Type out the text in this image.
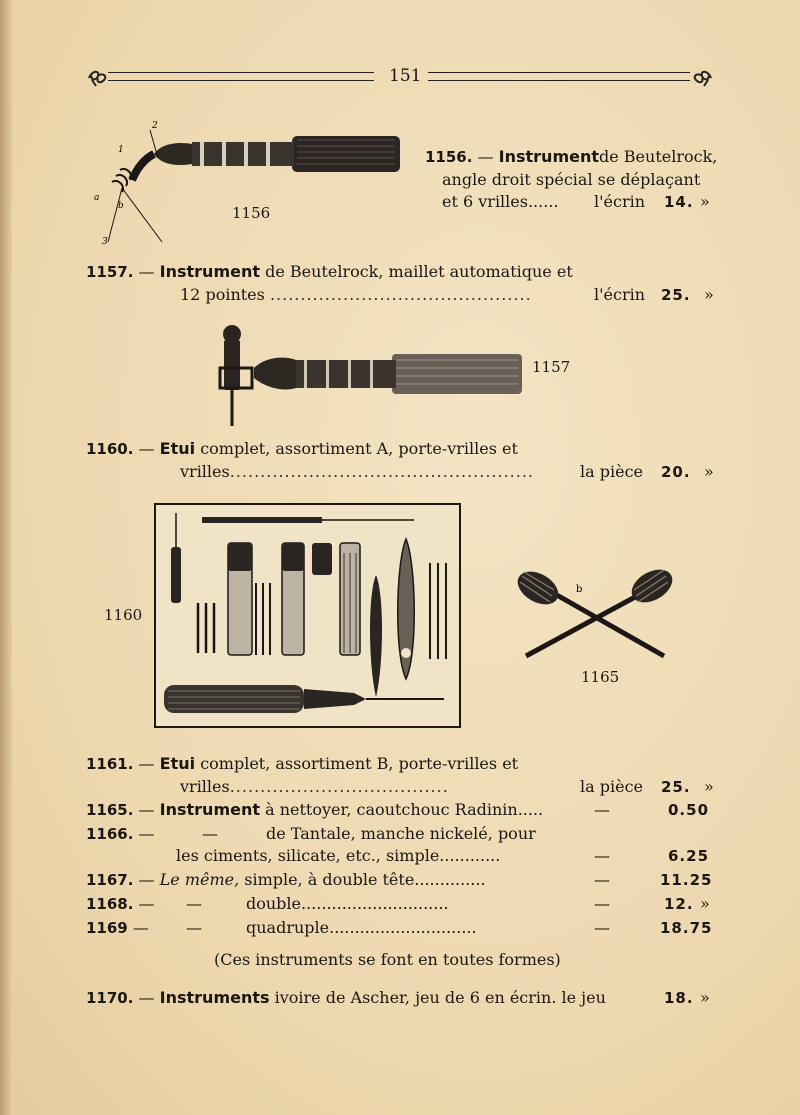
151
2
1
a
b
3
1156
1156. — Instrumentde Beutelrock,
angle droit spécial se déplaçant
et 6 vrilles...... l'écrin 14. »
1157. — Instrument de Beutelrock, maillet automatique et
12 pointes ...........................................	l'écrin 25. »
1157
1160. — Etui complet, assortiment A, porte-vrilles et
vrilles..................................................	la pièce 20. »
1160
b
1165
1161. — Etui complet, assortiment B, porte-vrilles et
vrilles....................................	la pièce 25. »
1165. — Instrument à nettoyer, caoutchouc Radinin.....	—	0.50
1166. —	—	de Tantale, manche nickelé, pour
les ciments, silicate, etc., simple............	—	6.25
1167. — Le même, simple, à double tête..............	—	11.25
1168. — —	double.............................	—	12. »
1169 — —	quadruple.............................	—	18.75
(Ces instruments se font en toutes formes)
1170. — Instruments ivoire de Ascher, jeu de 6 en écrin. le jeu	18. »
